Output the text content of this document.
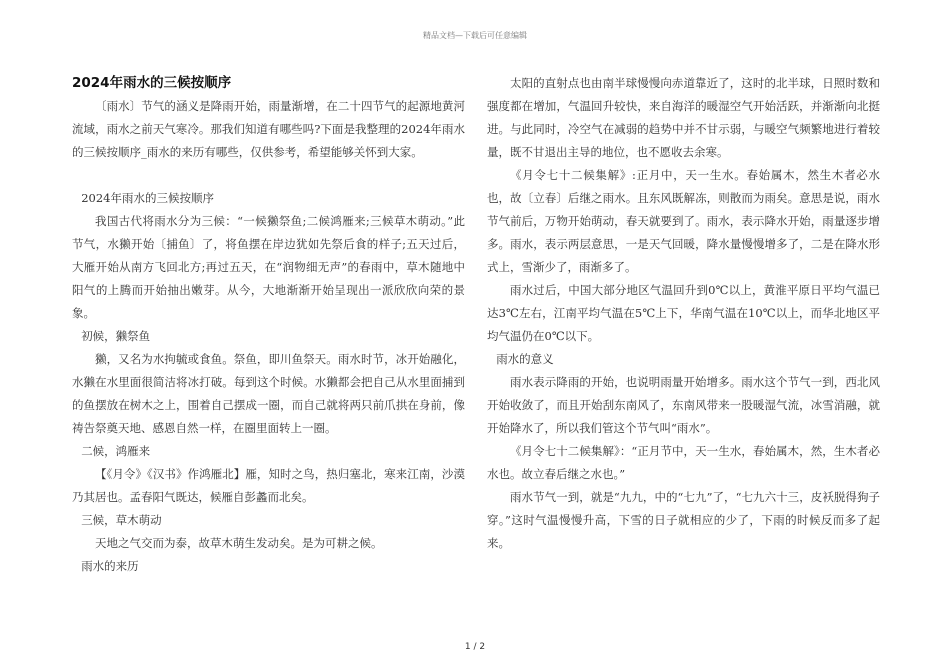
精品文档—下载后可任意编辑

2024年雨水的三候按顺序

〔雨水〕节气的涵义是降雨开始，雨量渐增，在二十四节气的起源地黄河流域，雨水之前天气寒冷。那我们知道有哪些吗?下面是我整理的2024年雨水的三候按顺序_雨水的来历有哪些，仅供参考，希望能够关怀到大家。

2024年雨水的三候按顺序

我国古代将雨水分为三候：“一候獭祭鱼;二候鸿雁来;三候草木萌动。”此节气，水獭开始〔捕鱼〕了，将鱼摆在岸边犹如先祭后食的样子;五天过后，大雁开始从南方飞回北方;再过五天，在“润物细无声”的春雨中，草木随地中阳气的上腾而开始抽出嫩芽。从今，大地渐渐开始呈现出一派欣欣向荣的景象。

初候，獭祭鱼

獭，又名为水拘毓或食鱼。祭鱼，即川鱼祭天。雨水时节，冰开始融化，水獭在水里面很简洁将冰打破。每到这个时候。水獭都会把自己从水里面捕到的鱼摆放在树木之上，围着自己摆成一圈，而自己就将两只前爪拱在身前，像祷告祭奠天地、感恩自然一样，在圈里面转上一圈。

二候，鸿雁来

【《月令》《汉书》作鸿雁北】雁，知时之鸟，热归塞北，寒来江南，沙漠乃其居也。孟春阳气既达，候雁自彭蠡而北矣。

三候，草木萌动

天地之气交而为泰，故草木萌生发动矣。是为可耕之候。

雨水的来历

太阳的直射点也由南半球慢慢向赤道靠近了，这时的北半球，日照时数和强度都在增加，气温回升较快，来自海洋的暖湿空气开始活跃，并渐渐向北挺进。与此同时，冷空气在减弱的趋势中并不甘示弱，与暖空气频繁地进行着较量，既不甘退出主导的地位，也不愿收去余寒。

《月令七十二候集解》:正月中，天一生水。春始属木，然生木者必水也，故〔立春〕后继之雨水。且东风既解冻，则散而为雨矣。意思是说，雨水节气前后，万物开始萌动，春天就要到了。雨水，表示降水开始，雨量逐步增多。雨水，表示两层意思，一是天气回暖，降水量慢慢增多了，二是在降水形式上，雪渐少了，雨渐多了。

雨水过后，中国大部分地区气温回升到0℃以上，黄淮平原日平均气温已达3℃左右，江南平均气温在5℃上下，华南气温在10℃以上，而华北地区平均气温仍在0℃以下。

雨水的意义

雨水表示降雨的开始，也说明雨量开始增多。雨水这个节气一到，西北风开始收敛了，而且开始刮东南风了，东南风带来一股暖湿气流，冰雪消融，就开始降水了，所以我们管这个节气叫“雨水”。

《月令七十二候集解》：“正月节中，天一生水，春始属木，然，生木者必水也。故立春后继之水也。”

雨水节气一到，就是“九九，中的“七九”了，“七九六十三，皮袄脱得狗子穿。”这时气温慢慢升高，下雪的日子就相应的少了，下雨的时候反而多了起来。

1 / 2
